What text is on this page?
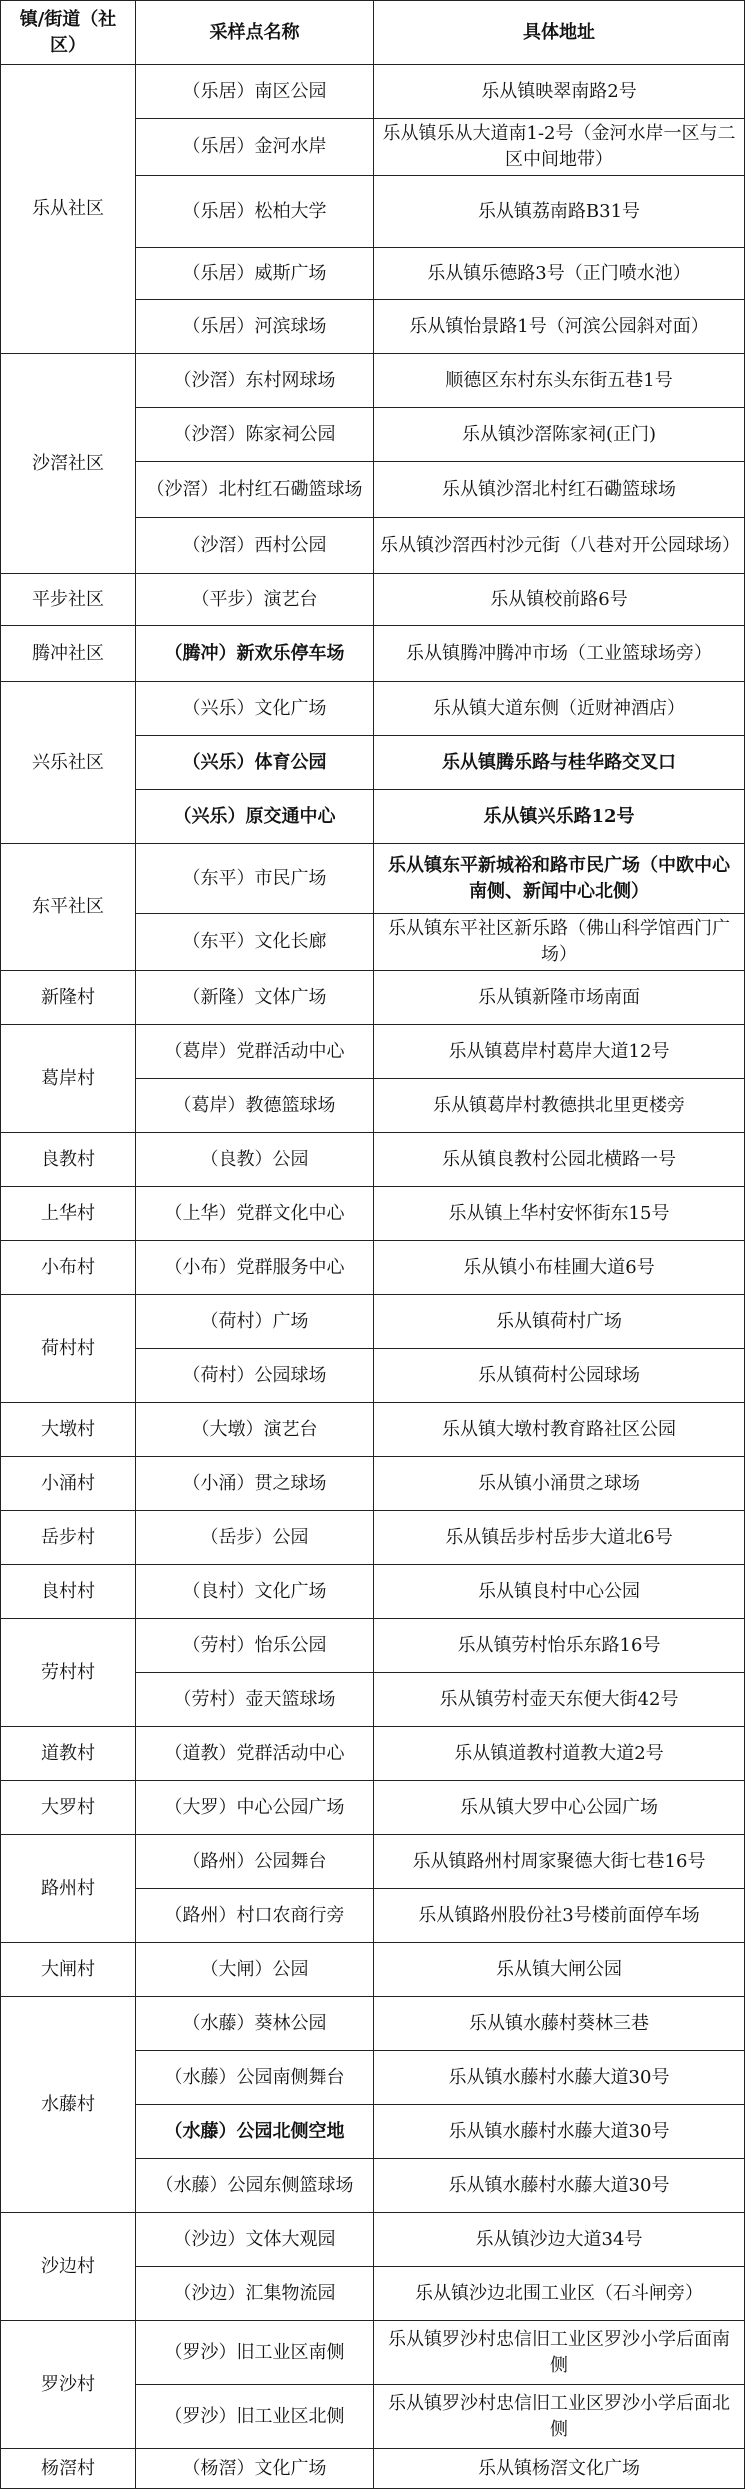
镇/街道（社区）	采样点名称	具体地址
乐从社区	（乐居）南区公园	乐从镇映翠南路2号
	（乐居）金河水岸	乐从镇乐从大道南1-2号（金河水岸一区与二区中间地带）
	（乐居）松柏大学	乐从镇荔南路B31号
	（乐居）威斯广场	乐从镇乐德路3号（正门喷水池）
	（乐居）河滨球场	乐从镇怡景路1号（河滨公园斜对面）
沙滘社区	（沙滘）东村网球场	顺德区东村东头东街五巷1号
	（沙滘）陈家祠公园	乐从镇沙滘陈家祠(正门)
	（沙滘）北村红石磡篮球场	乐从镇沙滘北村红石磡篮球场
	（沙滘）西村公园	乐从镇沙滘西村沙元街（八巷对开公园球场）
平步社区	（平步）演艺台	乐从镇校前路6号
腾冲社区	（腾冲）新欢乐停车场	乐从镇腾冲腾冲市场（工业篮球场旁）
兴乐社区	（兴乐）文化广场	乐从镇大道东侧（近财神酒店）
	（兴乐）体育公园	乐从镇腾乐路与桂华路交叉口
	（兴乐）原交通中心	乐从镇兴乐路12号
东平社区	（东平）市民广场	乐从镇东平新城裕和路市民广场（中欧中心南侧、新闻中心北侧）
	（东平）文化长廊	乐从镇东平社区新乐路（佛山科学馆西门广场）
新隆村	（新隆）文体广场	乐从镇新隆市场南面
葛岸村	（葛岸）党群活动中心	乐从镇葛岸村葛岸大道12号
	（葛岸）教德篮球场	乐从镇葛岸村教德拱北里更楼旁
良教村	（良教）公园	乐从镇良教村公园北横路一号
上华村	（上华）党群文化中心	乐从镇上华村安怀街东15号
小布村	（小布）党群服务中心	乐从镇小布桂圃大道6号
荷村村	（荷村）广场	乐从镇荷村广场
	（荷村）公园球场	乐从镇荷村公园球场
大墩村	（大墩）演艺台	乐从镇大墩村教育路社区公园
小涌村	（小涌）贯之球场	乐从镇小涌贯之球场
岳步村	（岳步）公园	乐从镇岳步村岳步大道北6号
良村村	（良村）文化广场	乐从镇良村中心公园
劳村村	（劳村）怡乐公园	乐从镇劳村怡乐东路16号
	（劳村）壶天篮球场	乐从镇劳村壶天东便大街42号
道教村	（道教）党群活动中心	乐从镇道教村道教大道2号
大罗村	（大罗）中心公园广场	乐从镇大罗中心公园广场
路州村	（路州）公园舞台	乐从镇路州村周家聚德大街七巷16号
	（路州）村口农商行旁	乐从镇路州股份社3号楼前面停车场
大闸村	（大闸）公园	乐从镇大闸公园
水藤村	（水藤）葵林公园	乐从镇水藤村葵林三巷
	（水藤）公园南侧舞台	乐从镇水藤村水藤大道30号
	（水藤）公园北侧空地	乐从镇水藤村水藤大道30号
	（水藤）公园东侧篮球场	乐从镇水藤村水藤大道30号
沙边村	（沙边）文体大观园	乐从镇沙边大道34号
	（沙边）汇集物流园	乐从镇沙边北围工业区（石斗闸旁）
罗沙村	（罗沙）旧工业区南侧	乐从镇罗沙村忠信旧工业区罗沙小学后面南侧
	（罗沙）旧工业区北侧	乐从镇罗沙村忠信旧工业区罗沙小学后面北侧
杨滘村	（杨滘）文化广场	乐从镇杨滘文化广场
